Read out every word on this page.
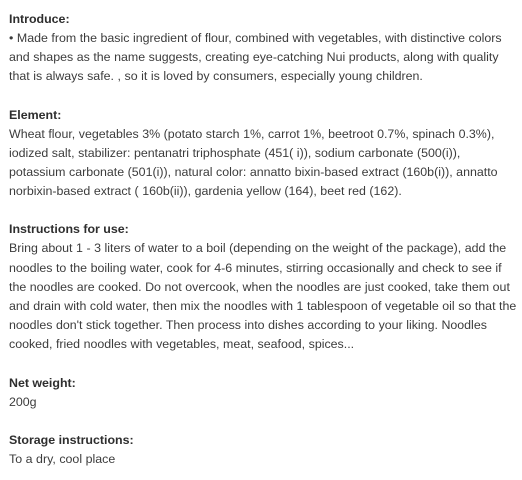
Introduce:
• Made from the basic ingredient of flour, combined with vegetables, with distinctive colors and shapes as the name suggests, creating eye-catching Nui products, along with quality that is always safe. , so it is loved by consumers, especially young children.
Element:
Wheat flour, vegetables 3% (potato starch 1%, carrot 1%, beetroot 0.7%, spinach 0.3%), iodized salt, stabilizer: pentanatri triphosphate (451( i)), sodium carbonate (500(i)), potassium carbonate (501(i)), natural color: annatto bixin-based extract (160b(i)), annatto norbixin-based extract ( 160b(ii)), gardenia yellow (164), beet red (162).
Instructions for use:
Bring about 1 - 3 liters of water to a boil (depending on the weight of the package), add the noodles to the boiling water, cook for 4-6 minutes, stirring occasionally and check to see if the noodles are cooked. Do not overcook, when the noodles are just cooked, take them out and drain with cold water, then mix the noodles with 1 tablespoon of vegetable oil so that the noodles don't stick together. Then process into dishes according to your liking. Noodles cooked, fried noodles with vegetables, meat, seafood, spices...
Net weight:
200g
Storage instructions:
To a dry, cool place
